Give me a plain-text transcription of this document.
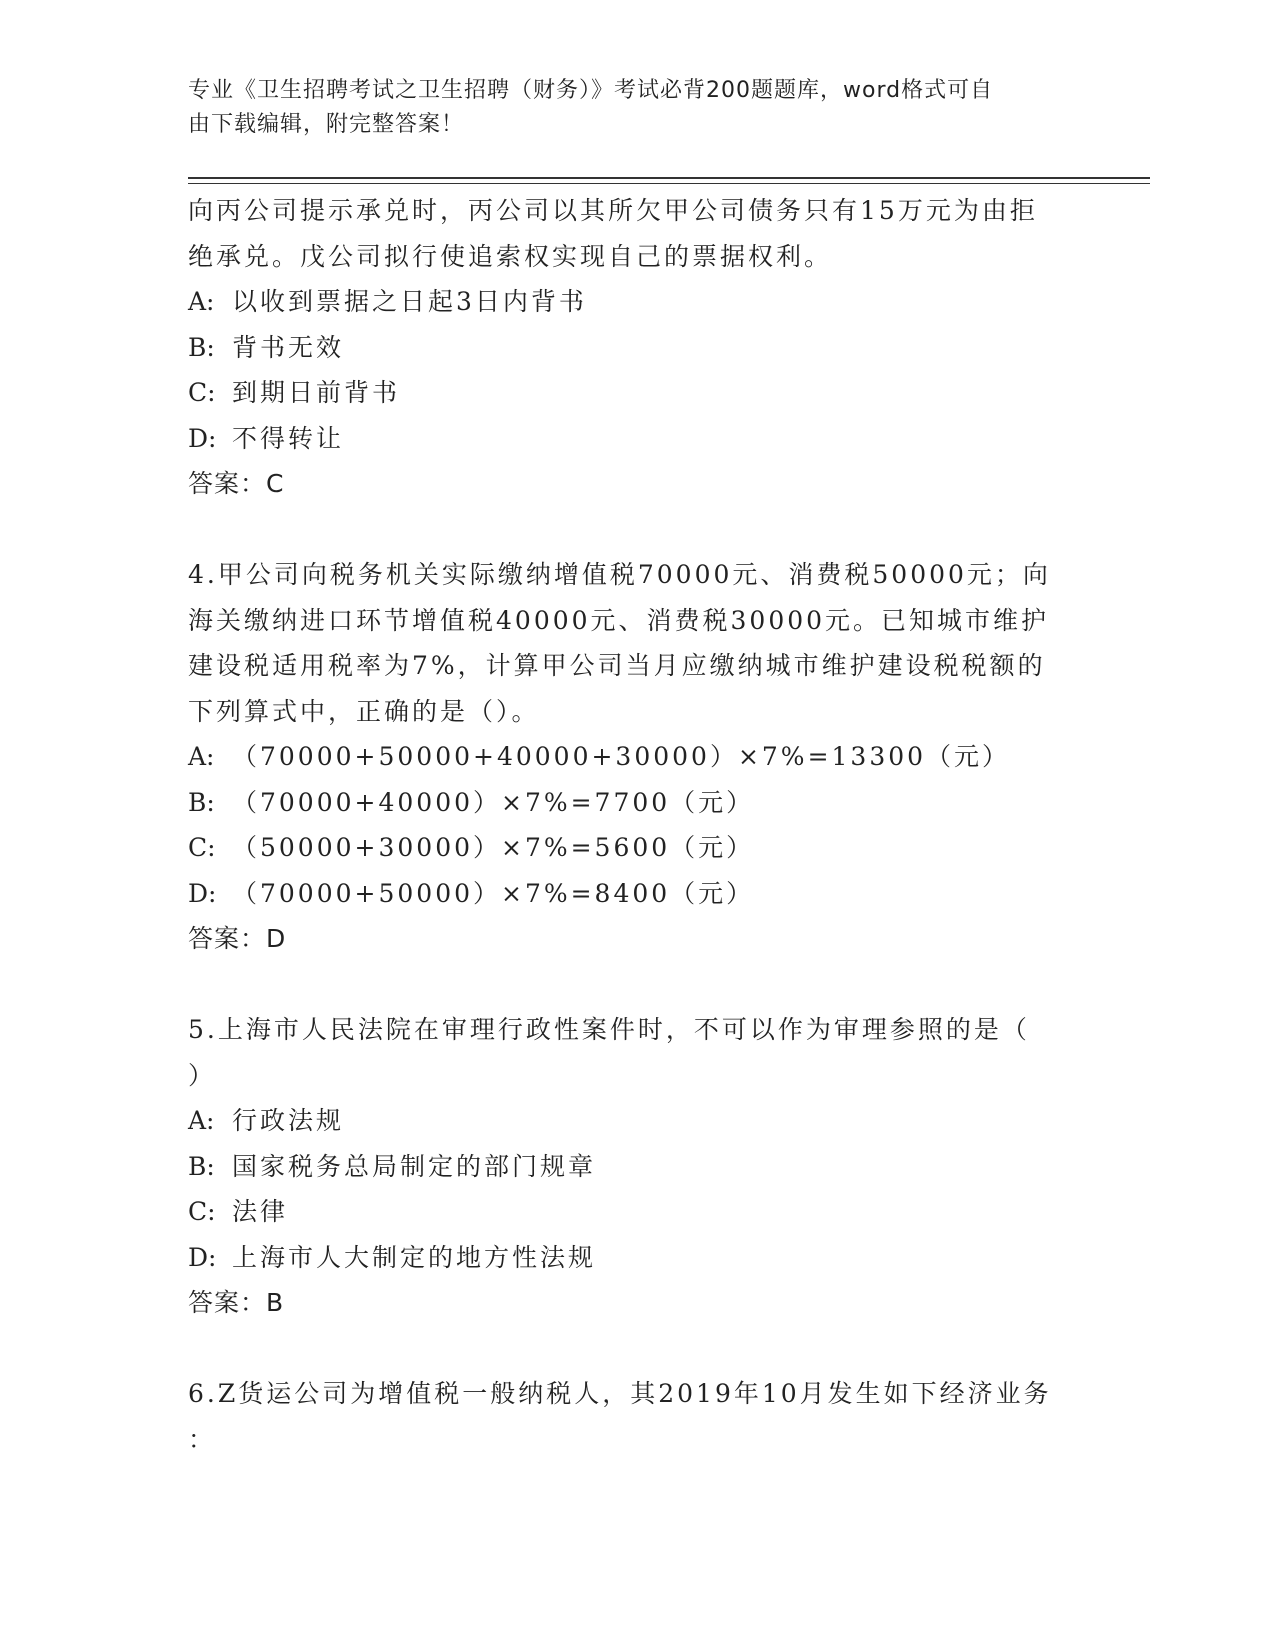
专业《卫生招聘考试之卫生招聘（财务）》考试必背200题题库，word格式可自
由下载编辑，附完整答案！
向丙公司提示承兑时，丙公司以其所欠甲公司债务只有15万元为由拒
绝承兑。戊公司拟行使追索权实现自己的票据权利。
A: 以收到票据之日起3日内背书
B: 背书无效
C: 到期日前背书
D: 不得转让
答案：C
4.甲公司向税务机关实际缴纳增值税70000元、消费税50000元；向
海关缴纳进口环节增值税40000元、消费税30000元。已知城市维护
建设税适用税率为7%，计算甲公司当月应缴纳城市维护建设税税额的
下列算式中，正确的是（）。
A: （70000+50000+40000+30000）×7%=13300（元）
B: （70000+40000）×7%=7700（元）
C: （50000+30000）×7%=5600（元）
D: （70000+50000）×7%=8400（元）
答案：D
5.上海市人民法院在审理行政性案件时，不可以作为审理参照的是（
）
A: 行政法规
B: 国家税务总局制定的部门规章
C: 法律
D: 上海市人大制定的地方性法规
答案：B
6.Z货运公司为增值税一般纳税人，其2019年10月发生如下经济业务
：
